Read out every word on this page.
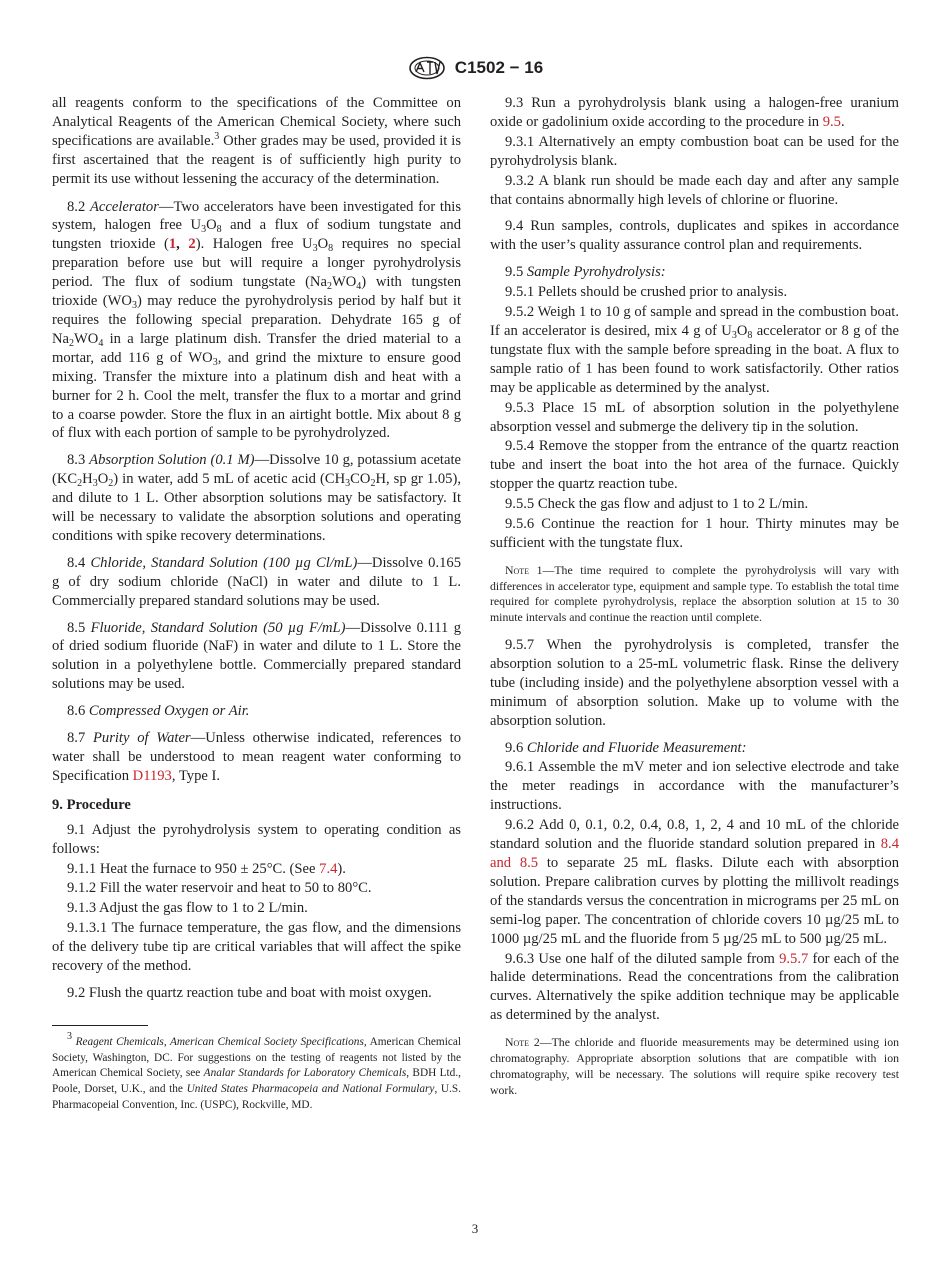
C1502 − 16

all reagents conform to the specifications of the Committee on Analytical Reagents of the American Chemical Society, where such specifications are available.$^3$ Other grades may be used, provided it is first ascertained that the reagent is of sufficiently high purity to permit its use without lessening the accuracy of the determination.

8.2 Accelerator—Two accelerators have been investigated for this system, halogen free $U_3O_8$ and a flux of sodium tungstate and tungsten trioxide (1, 2). Halogen free $U_3O_8$ requires no special preparation before use but will require a longer pyrohydrolysis period. The flux of sodium tungstate $(Na_2WO_4)$ with tungsten trioxide $(WO_3)$ may reduce the pyrohydrolysis period by half but it requires the following special preparation. Dehydrate 165 g of $Na_2WO_4$ in a large platinum dish. Transfer the dried material to a mortar, add 116 g of $WO_3$, and grind the mixture to ensure good mixing. Transfer the mixture into a platinum dish and heat with a burner for 2 h. Cool the melt, transfer the flux to a mortar and grind to a coarse powder. Store the flux in an airtight bottle. Mix about 8 g of flux with each portion of sample to be pyrohydrolyzed.

8.3 Absorption Solution (0.1 M)—Dissolve 10 g, potassium acetate $(KC_2H_3O_2)$ in water, add 5 mL of acetic acid ($CH_3CO_2H$, sp gr 1.05), and dilute to 1 L. Other absorption solutions may be satisfactory. It will be necessary to validate the absorption solutions and operating conditions with spike recovery determinations.

8.4 Chloride, Standard Solution (100 µg Cl/mL)—Dissolve 0.165 g of dry sodium chloride (NaCl) in water and dilute to 1 L. Commercially prepared standard solutions may be used.

8.5 Fluoride, Standard Solution (50 µg F/mL)—Dissolve 0.111 g of dried sodium fluoride (NaF) in water and dilute to 1 L. Store the solution in a polyethylene bottle. Commercially prepared standard solutions may be used.

8.6 Compressed Oxygen or Air.

8.7 Purity of Water—Unless otherwise indicated, references to water shall be understood to mean reagent water conforming to Specification D1193, Type I.

9. Procedure

9.1 Adjust the pyrohydrolysis system to operating condition as follows:

9.1.1 Heat the furnace to 950 ± 25°C. (See 7.4).

9.1.2 Fill the water reservoir and heat to 50 to 80°C.

9.1.3 Adjust the gas flow to 1 to 2 L/min.

9.1.3.1 The furnace temperature, the gas flow, and the dimensions of the delivery tube tip are critical variables that will affect the spike recovery of the method.

9.2 Flush the quartz reaction tube and boat with moist oxygen.

$^3$ Reagent Chemicals, American Chemical Society Specifications, American Chemical Society, Washington, DC. For suggestions on the testing of reagents not listed by the American Chemical Society, see Analar Standards for Laboratory Chemicals, BDH Ltd., Poole, Dorset, U.K., and the United States Pharmacopeia and National Formulary, U.S. Pharmacopeial Convention, Inc. (USPC), Rockville, MD.

9.3 Run a pyrohydrolysis blank using a halogen-free uranium oxide or gadolinium oxide according to the procedure in 9.5.

9.3.1 Alternatively an empty combustion boat can be used for the pyrohydrolysis blank.

9.3.2 A blank run should be made each day and after any sample that contains abnormally high levels of chlorine or fluorine.

9.4 Run samples, controls, duplicates and spikes in accordance with the user’s quality assurance control plan and requirements.

9.5 Sample Pyrohydrolysis:

9.5.1 Pellets should be crushed prior to analysis.

9.5.2 Weigh 1 to 10 g of sample and spread in the combustion boat. If an accelerator is desired, mix 4 g of $U_3O_8$ accelerator or 8 g of the tungstate flux with the sample before spreading in the boat. A flux to sample ratio of 1 has been found to work satisfactorily. Other ratios may be applicable as determined by the analyst.

9.5.3 Place 15 mL of absorption solution in the polyethylene absorption vessel and submerge the delivery tip in the solution.

9.5.4 Remove the stopper from the entrance of the quartz reaction tube and insert the boat into the hot area of the furnace. Quickly stopper the quartz reaction tube.

9.5.5 Check the gas flow and adjust to 1 to 2 L/min.

9.5.6 Continue the reaction for 1 hour. Thirty minutes may be sufficient with the tungstate flux.

Note 1—The time required to complete the pyrohydrolysis will vary with differences in accelerator type, equipment and sample type. To establish the total time required for complete pyrohydrolysis, replace the absorption solution at 15 to 30 minute intervals and continue the reaction until complete.

9.5.7 When the pyrohydrolysis is completed, transfer the absorption solution to a 25-mL volumetric flask. Rinse the delivery tube (including inside) and the polyethylene absorption vessel with a minimum of absorption solution. Make up to volume with the absorption solution.

9.6 Chloride and Fluoride Measurement:

9.6.1 Assemble the mV meter and ion selective electrode and take the meter readings in accordance with the manufacturer’s instructions.

9.6.2 Add 0, 0.1, 0.2, 0.4, 0.8, 1, 2, 4 and 10 mL of the chloride standard solution and the fluoride standard solution prepared in 8.4 and 8.5 to separate 25 mL flasks. Dilute each with absorption solution. Prepare calibration curves by plotting the millivolt readings of the standards versus the concentration in micrograms per 25 mL on semi-log paper. The concentration of chloride covers 10 µg/25 mL to 1000 µg/25 mL and the fluoride from 5 µg/25 mL to 500 µg/25 mL.

9.6.3 Use one half of the diluted sample from 9.5.7 for each of the halide determinations. Read the concentrations from the calibration curves. Alternatively the spike addition technique may be applicable as determined by the analyst.

Note 2—The chloride and fluoride measurements may be determined using ion chromatography. Appropriate absorption solutions that are compatible with ion chromatography, will be necessary. The solutions will require spike recovery test work.
3
